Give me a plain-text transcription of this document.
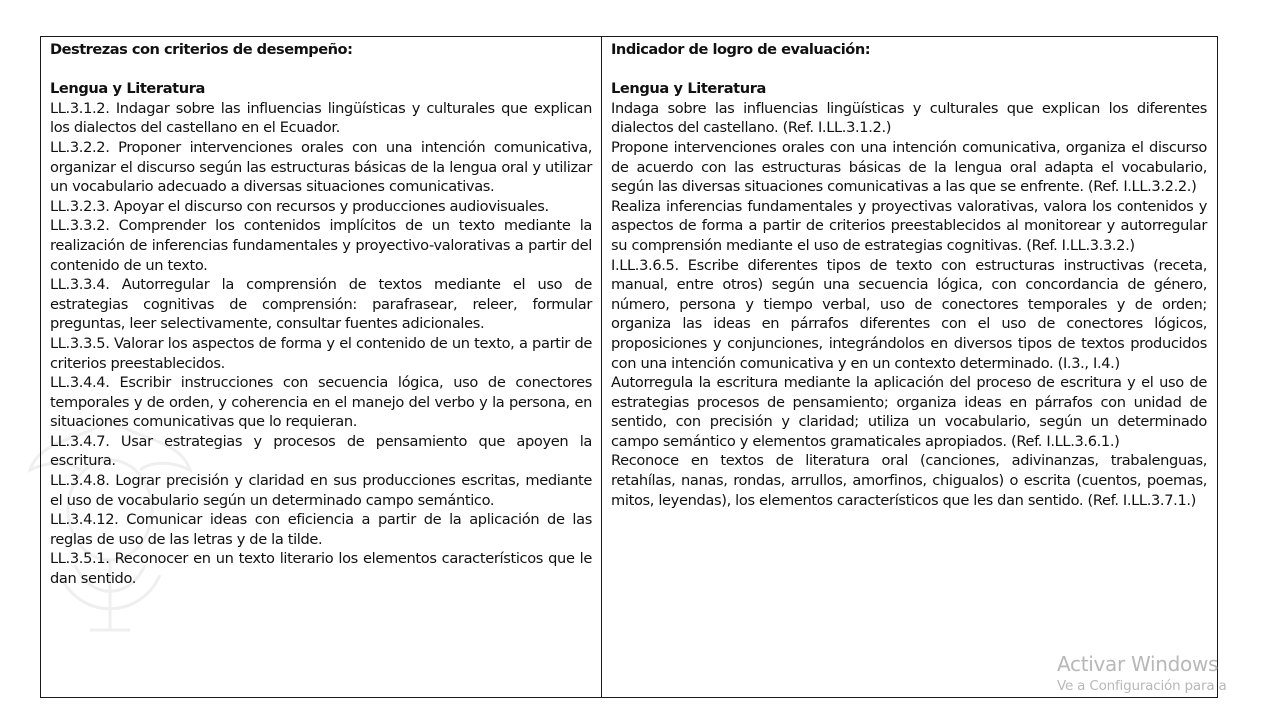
Destrezas con criterios de desempeño:
Lengua y Literatura
LL.3.1.2. Indagar sobre las influencias lingüísticas y culturales que explican los dialectos del castellano en el Ecuador.
LL.3.2.2. Proponer intervenciones orales con una intención comunicativa, organizar el discurso según las estructuras básicas de la lengua oral y utilizar un vocabulario adecuado a diversas situaciones comunicativas.
LL.3.2.3. Apoyar el discurso con recursos y producciones audiovisuales.
LL.3.3.2. Comprender los contenidos implícitos de un texto mediante la realización de inferencias fundamentales y proyectivo-valorativas a partir del contenido de un texto.
LL.3.3.4. Autorregular la comprensión de textos mediante el uso de estrategias cognitivas de comprensión: parafrasear, releer, formular preguntas, leer selectivamente, consultar fuentes adicionales.
LL.3.3.5. Valorar los aspectos de forma y el contenido de un texto, a partir de criterios preestablecidos.
LL.3.4.4. Escribir instrucciones con secuencia lógica, uso de conectores temporales y de orden, y coherencia en el manejo del verbo y la persona, en situaciones comunicativas que lo requieran.
LL.3.4.7. Usar estrategias y procesos de pensamiento que apoyen la escritura.
LL.3.4.8. Lograr precisión y claridad en sus producciones escritas, mediante el uso de vocabulario según un determinado campo semántico.
LL.3.4.12. Comunicar ideas con eficiencia a partir de la aplicación de las reglas de uso de las letras y de la tilde.
LL.3.5.1. Reconocer en un texto literario los elementos característicos que le dan sentido.
Indicador de logro de evaluación:
Lengua y Literatura
Indaga sobre las influencias lingüísticas y culturales que explican los diferentes dialectos del castellano. (Ref. I.LL.3.1.2.)
Propone intervenciones orales con una intención comunicativa, organiza el discurso de acuerdo con las estructuras básicas de la lengua oral adapta el vocabulario, según las diversas situaciones comunicativas a las que se enfrente. (Ref. I.LL.3.2.2.)
Realiza inferencias fundamentales y proyectivas valorativas, valora los contenidos y aspectos de forma a partir de criterios preestablecidos al monitorear y autorregular su comprensión mediante el uso de estrategias cognitivas. (Ref. I.LL.3.3.2.)
I.LL.3.6.5. Escribe diferentes tipos de texto con estructuras instructivas (receta, manual, entre otros) según una secuencia lógica, con concordancia de género, número, persona y tiempo verbal, uso de conectores temporales y de orden; organiza las ideas en párrafos diferentes con el uso de conectores lógicos, proposiciones y conjunciones, integrándolos en diversos tipos de textos producidos con una intención comunicativa y en un contexto determinado. (I.3., I.4.)
Autorregula la escritura mediante la aplicación del proceso de escritura y el uso de estrategias procesos de pensamiento; organiza ideas en párrafos con unidad de sentido, con precisión y claridad; utiliza un vocabulario, según un determinado campo semántico y elementos gramaticales apropiados. (Ref. I.LL.3.6.1.)
Reconoce en textos de literatura oral (canciones, adivinanzas, trabalenguas, retahílas, nanas, rondas, arrullos, amorfinos, chigualos) o escrita (cuentos, poemas, mitos, leyendas), los elementos característicos que les dan sentido. (Ref. I.LL.3.7.1.)
Activar Windows
Ve a Configuración para a
